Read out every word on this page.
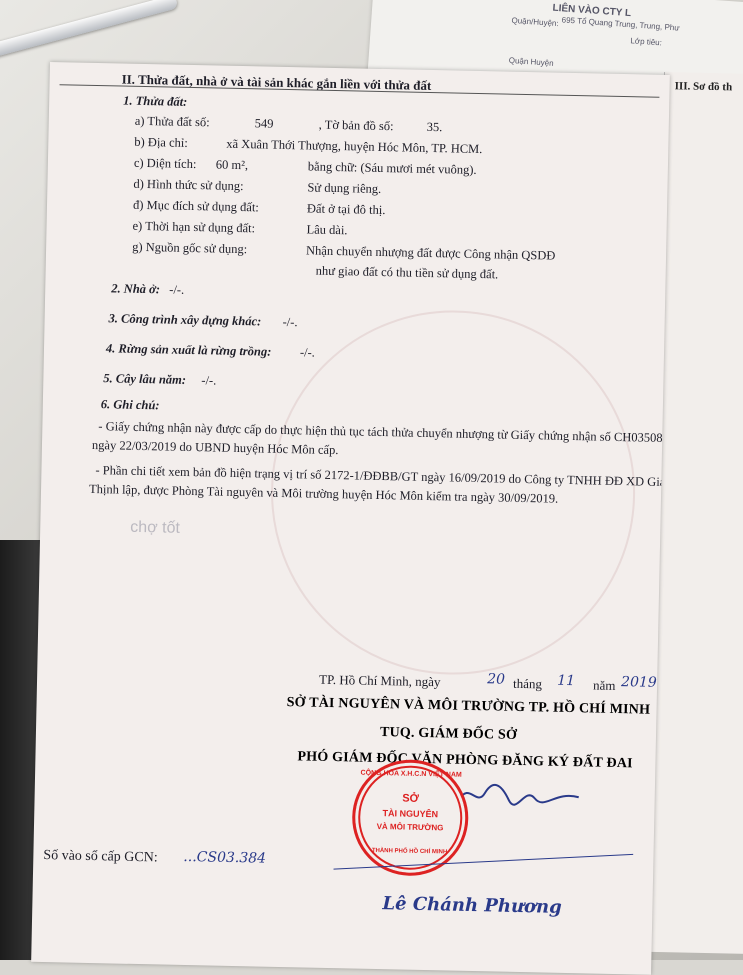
LIÊN VÀO CTY L
Quận/Huyện: 695 Tổ Quang Trung, Trung, Phư
Lớp tiêu:
Quận Huyện
III. Sơ đồ th
II. Thửa đất, nhà ở và tài sản khác gắn liền với thửa đất
1. Thửa đất:
a) Thửa đất số:	549	, Tờ bản đồ số:	35.
b) Địa chỉ:	xã Xuân Thới Thượng, huyện Hóc Môn, TP. HCM.
c) Diện tích: 60 m²,	bằng chữ: (Sáu mươi mét vuông).
d) Hình thức sử dụng:	Sử dụng riêng.
đ) Mục đích sử dụng đất:	Đất ở tại đô thị.
e) Thời hạn sử dụng đất:	Lâu dài.
g) Nguồn gốc sử dụng:	Nhận chuyển nhượng đất được Công nhận QSDĐ
như giao đất có thu tiền sử dụng đất.
2. Nhà ở: -/-.
3. Công trình xây dựng khác: -/-.
4. Rừng sản xuất là rừng trồng: -/-.
5. Cây lâu năm: -/-.
6. Ghi chú:
- Giấy chứng nhận này được cấp do thực hiện thủ tục tách thửa chuyển nhượng từ Giấy chứng nhận số CH03508 ngày 22/03/2019 do UBND huyện Hóc Môn cấp.
- Phần chi tiết xem bản đồ hiện trạng vị trí số 2172-1/ĐĐBB/GT ngày 16/09/2019 do Công ty TNHH ĐĐ XD Gia Thịnh lập, được Phòng Tài nguyên và Môi trường huyện Hóc Môn kiểm tra ngày 30/09/2019.
chợ tốt
TP. Hồ Chí Minh, ngày	20 tháng 11 năm 2019
SỞ TÀI NGUYÊN VÀ MÔI TRƯỜNG TP. HỒ CHÍ MINH
TUQ. GIÁM ĐỐC SỞ
PHÓ GIÁM ĐỐC VĂN PHÒNG ĐĂNG KÝ ĐẤT ĐAI
CỘNG HÒA X.H.C.N VIỆT NAM
SỞ
TÀI NGUYÊN
VÀ MÔI TRƯỜNG
THÀNH PHỐ HỒ CHÍ MINH
Số vào sổ cấp GCN: ...CS03.384
Lê Chánh Phương
